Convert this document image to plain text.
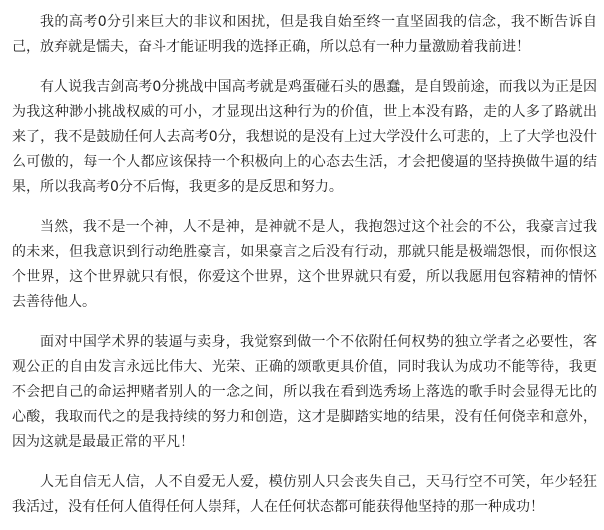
我的高考0分引来巨大的非议和困扰，但是我自始至终一直坚固我的信念，我不断告诉自己，放弃就是懦夫，奋斗才能证明我的选择正确，所以总有一种力量激励着我前进！

有人说我吉剑高考0分挑战中国高考就是鸡蛋碰石头的愚蠢，是自毁前途，而我以为正是因为我这种渺小挑战权威的可小，才显现出这种行为的价值，世上本没有路，走的人多了路就出来了，我不是鼓励任何人去高考0分，我想说的是没有上过大学没什么可悲的，上了大学也没什么可傲的，每一个人都应该保持一个积极向上的心态去生活，才会把傻逼的坚持换做牛逼的结果，所以我高考0分不后悔，我更多的是反思和努力。

当然，我不是一个神，人不是神，是神就不是人，我抱怨过这个社会的不公，我豪言过我的未来，但我意识到行动绝胜豪言，如果豪言之后没有行动，那就只能是极端怨恨，而你恨这个世界，这个世界就只有恨，你爱这个世界，这个世界就只有爱，所以我愿用包容精神的情怀去善待他人。

面对中国学术界的装逼与卖身，我觉察到做一个不依附任何权势的独立学者之必要性，客观公正的自由发言永远比伟大、光荣、正确的颂歌更具价值，同时我认为成功不能等待，我更不会把自己的命运押赌者别人的一念之间，所以我在看到选秀场上落选的歌手时会显得无比的心酸，我取而代之的是我持续的努力和创造，这才是脚踏实地的结果，没有任何侥幸和意外，因为这就是最最正常的平凡！

人无自信无人信，人不自爱无人爱，模仿别人只会丧失自己，天马行空不可笑，年少轻狂我活过，没有任何人值得任何人崇拜，人在任何状态都可能获得他坚持的那一种成功！
